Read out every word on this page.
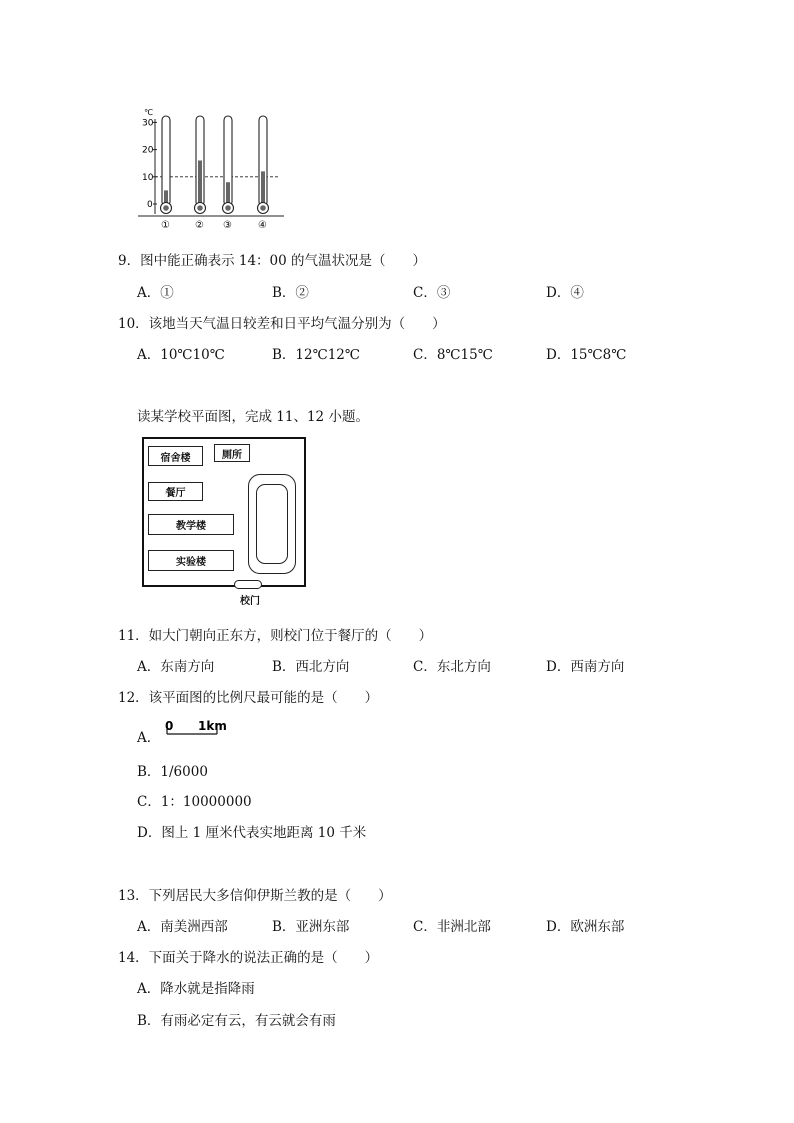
℃
30
20
10
0
①	② ③	④
9．图中能正确表示 14：00 的气温状况是（　　）
A．①	B．②	C．③	D．④
10．该地当天气温日较差和日平均气温分别为（　　）
A．10℃10℃	B．12℃12℃	C．8℃15℃	D．15℃8℃
读某学校平面图，完成 11、12 小题。
宿舍楼	厕所
餐厅
教学楼
实验楼
校门
11．如大门朝向正东方，则校门位于餐厅的（　　）
A．东南方向	B．西北方向	C．东北方向	D．西南方向
12．该平面图的比例尺最可能的是（　　）
A．
0 1km
B．1/6000
C．1：10000000
D．图上 1 厘米代表实地距离 10 千米
13．下列居民大多信仰伊斯兰教的是（　　）
A．南美洲西部	B．亚洲东部	C．非洲北部	D．欧洲东部
14．下面关于降水的说法正确的是（　　）
A．降水就是指降雨
B．有雨必定有云，有云就会有雨
